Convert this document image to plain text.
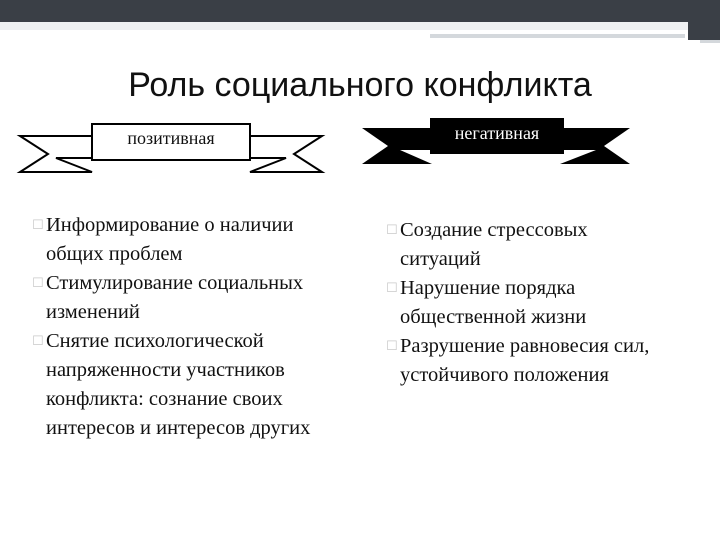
Роль социального конфликта
позитивная	негативная
☐ Информирование о наличии общих проблем
☐ Стимулирование социальных изменений
☐ Снятие психологической напряженности участников конфликта: сознание своих интересов и интересов других
☐ Создание стрессовых ситуаций
☐ Нарушение порядка общественной жизни
☐ Разрушение равновесия сил, устойчивого положения
